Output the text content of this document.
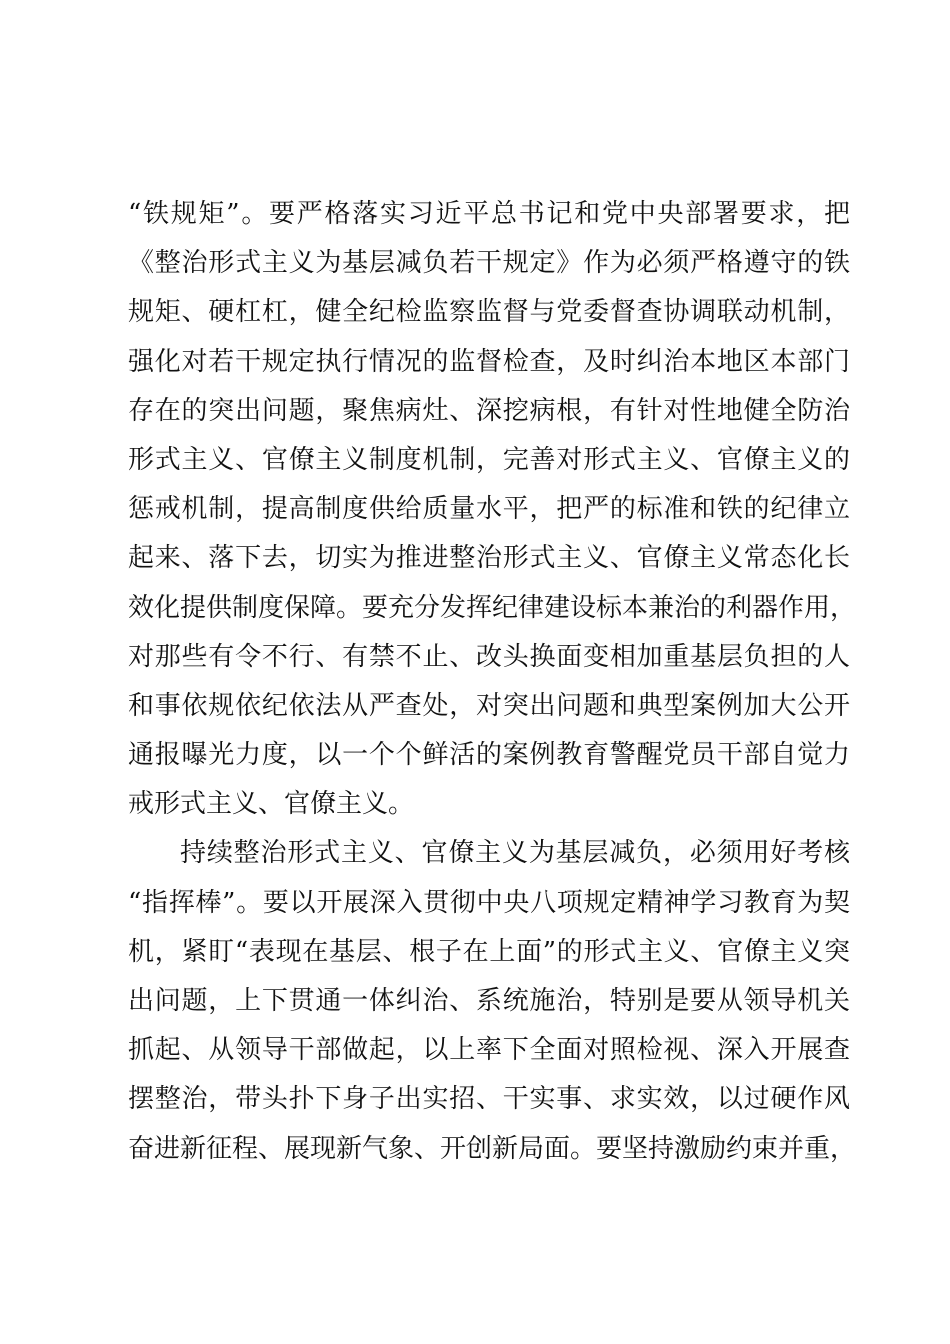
“铁规矩”。要严格落实习近平总书记和党中央部署要求，把
《整治形式主义为基层减负若干规定》作为必须严格遵守的铁
规矩、硬杠杠，健全纪检监察监督与党委督查协调联动机制，
强化对若干规定执行情况的监督检查，及时纠治本地区本部门
存在的突出问题，聚焦病灶、深挖病根，有针对性地健全防治
形式主义、官僚主义制度机制，完善对形式主义、官僚主义的
惩戒机制，提高制度供给质量水平，把严的标准和铁的纪律立
起来、落下去，切实为推进整治形式主义、官僚主义常态化长
效化提供制度保障。要充分发挥纪律建设标本兼治的利器作用，
对那些有令不行、有禁不止、改头换面变相加重基层负担的人
和事依规依纪依法从严查处，对突出问题和典型案例加大公开
通报曝光力度，以一个个鲜活的案例教育警醒党员干部自觉力
戒形式主义、官僚主义。
持续整治形式主义、官僚主义为基层减负，必须用好考核
“指挥棒”。要以开展深入贯彻中央八项规定精神学习教育为契
机，紧盯“表现在基层、根子在上面”的形式主义、官僚主义突
出问题，上下贯通一体纠治、系统施治，特别是要从领导机关
抓起、从领导干部做起，以上率下全面对照检视、深入开展查
摆整治，带头扑下身子出实招、干实事、求实效，以过硬作风
奋进新征程、展现新气象、开创新局面。要坚持激励约束并重，
